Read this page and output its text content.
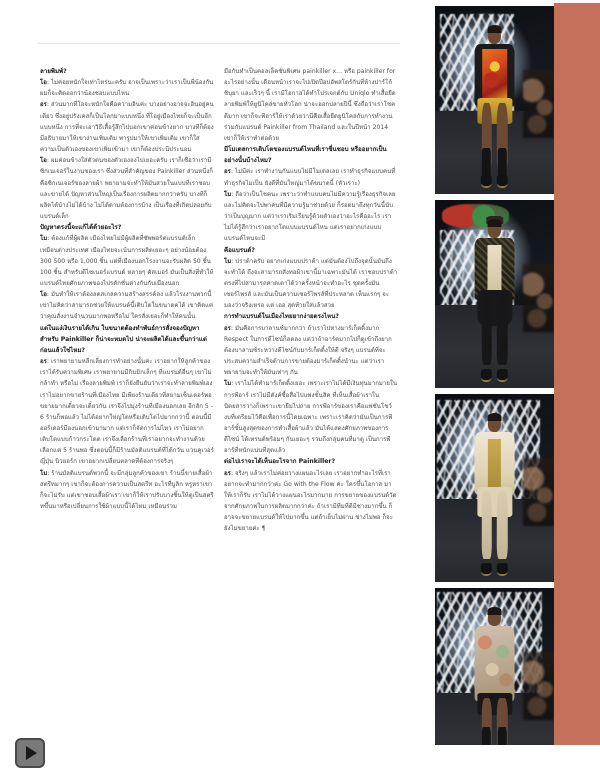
ลายพิมพ์?

โอ: ไม่ค่อยหนักใจเท่าไหร่นะครับ อาจเป็นเพราะว่าเราเป็นพี่น้องกัน ผมก็จะคิดออกว่าน้องชอบแบบไหน

อร: ส่วนมากที่โอจะหนักใจคือความอินค่ะ บางอย่างอาจจะอินอยู่คนเดียว ซึ่งอยู่ปรังเคสก็เป็นโลกมาแบบหนึ่ง ที่โอยู่เมืองไทยก็จะเป็นอีกแบบหนึ่ง การที่จะเอาวิธีเสื้อรู้สึกไปบอกเขาค่อนข้างยาก บางทีก็ต้องมีอธิบายมาให้เขาง่านเพิ่มเติม พารูปมาให้เขาเพิ่มเติม เขาก็ใส่ความเป็นตัวเองของเขาเพิ่มเข้ามา เขาก็ต้องประนีประนอม

โอ: ผมค่อนข้างใส่ตัวตนของตัวเองลงไปเยอะครับ เราก็เชื่อว่าเรามีซิกเนเจอร์ในงานของเรา ซึ่งส่วนที่สำคัญของ Painkiller ส่วนหนึ่งก็คือซิกเนเจอร์ของลายผ้า พยายามจะทำให้มันสวยในแบบที่เราชอบ และขายได้ ปัญหาส่วนใหญ่เป็นเรื่องการผลิตมากกว่าครับ บางทีก็ผลิตได้บ้างไม่ได้บ้าง ไม่ได้ตามต้องการบ้าง เป็นเรื่องที่เกิดปลอยกับแบรนด์เล็ก

ปัญหาตรงนี้จะแก้ได้ด้วยอะไร?

โม: ต้องแก้ที่ผู้ผลิต เมืองไทยไม่มีผู้ผลิตที่ซัพพอร์ตแบรนด์เล็ก เหมือนต่างประเทศ เมืองไทยจะเน้นการผลิตเยอะๆ อย่างน้อยต้อง 300 500 หรือ 1,000 ชิ้น แต่ที่เมืองนอกโรงงานจะรับผลิต 50 ชิ้น 100 ชิ้น สำหรับดีไซเนอร์แบรนด์ หลายๆ คัสเมอร์ มันเป็นสิ่งที่ทำให้แบรนด์ไทยศักยภาพของไปรดักชั่นต่างกันกับเมืองนอก

โอ: มันทำให้เราต้องลดสเกลความสร้างสรรค์ลง แล้วโรงงานพวกนี้เขาไม่คิดว่าสามารถช่วยให้แบรนด์นี้เติบโตในขนาดคได้ เขาคิดแค่ว่าคุณสั่งงานจำนวนมากพอหรือไม่ ใครสั่งเยอะก็ทำให้คนนั้น

แต่ในแง่เงินรายได้เกิน ในขนาดต้องทำพันธ์การสั่งจองปัญหาสำหรับ Painkiller ก็น่าจะหมดไป น่าจะผลิตได้และขึ้นกว่าแต่ก่อนแล้วใช่ไหม?

อร: เราพยายามหลีกเลี่ยงการทำอย่างนั้นค่ะ เราอยากให้ลูกค้าของเราได้รับความพิเศษ เราพยายามมีกิมมิกเล็กๆ ที่แบรนด์อื่นๆ เขาไม่กล้าทำ หรือไม่ เรื่องลายพิมพ์ เราก็ยังยืนยันว่าเราจะทำลายพิมพ์เอง เราไม่อยากขายร้านที่เมืองไทย มีเพียงร้านเดียวที่สยามเซ็นเตอร์พอ ขยายมากเดี๋ยวจะเดี๋ยวกัน เราจึงไปมุ่งร้านที่เมืองนอกเลย อีกสัก 5 - 6 ร้านก็พอแล้ว ไม่ได้อยากใหญ่โตหรือเติบโตไปมากกว่านี้ ตอนนี้มีออร์เดอร์มีองนอกเข้ามามาก แต่เราก็จัดการไม่ไหว เราไม่อยากเติบโตแบบก้าวกระโดด เราจึงเลือกร้านที่เราอยากจะทำงานด้วย เลือกแค่ 5 ร้านพอ ซึ่งตอนนี้ก็มีร้านมัลติแบรนด์ที่ได้กวัน แวนคูเวอร์ ญี่ปุ่น นิวยอร์ก เขาอยากเปลี่ยนตลาดที่ต้องการจริงๆ

โม: ร้านมัลติแบรนด์พวกนี้ จะมีกลุ่มลูกค้าของเขา ร้านนี้ขายเสื้อผ้าสตรีทมากๆ เขาก็จะต้องการความเป็นสตรีท อะไรที่บูลิก หรูหราเขาก็จะไม่รับ แต่เขาชอบเสื้อผ้าเรา เขาก็ให้เราปรับบางชิ้นให้ดูเป็นสตรีทขึ้นมาหรือเปลี่ยนการใช้ผ้าแบบนี้ได้ไหม เหมือนร่วม

มือกันทำเป็นคอลเล็คชั่นพิเศษ painkiller x... หรือ painkiller for อะไรอย่างนั้น เดือนหน้าเราจะไปเปิดป๊อปอัพสโตร์กันที่ห้างปาร์โก้ ชิบุยา และเร็วๆ นี้ เรามีโอกาสได้ทำโปรเจกต์กับ Uniqlo ทำเสื้อยืดลายพิมพ์ให้ยูนิโคล่ขายทั่วโลก น่าจะออกปลายปีนี้ ซึ่งถือว่าเราโชคดีมาก เขาก็จะพีอาร์ให้เราด้วยว่านี่คือเสื้อยืดยูนิโคล่กับการทำงานร่วมกับแบรนด์ Painkiller from Thailand และในปีหน้า 2014 เขาก็ให้เราทำต่อด้วย

มีโมเดลการเติบโตของแบรนด์ไหนที่เราชื่นชอบ หรืออยากเป็นอย่างนั้นบ้างไหม?

อร: ไม่มีค่ะ เราทำงานกันแบบไม่มีโมเดลเลย เราทำธุรกิจแบบคนที่ทำธุรกิจไม่เป็น ยังดีที่มันใหญ่มาได้ขนาดนี้ (หัวเราะ)

โม: ถือว่าเป็นโชคนะ เพราะว่าทำแบบคนไม่มีความรู้เรื่องธุรกิจเลย และไม่คิดจะไปพาคนที่มีความรู้มาช่วยด้วย ก็รอดมาถึงทุกวันนี้นับว่าเป็นบุญมาก แต่ว่าเราเริ่มเรียนรู้ด้วยตัวเองว่าอะไรคืออะไร เราไม่ได้รู้สึกว่าเราอยากโตแบบแบรนด์ไหน แต่เราอยากเก่งแบบแบรนด์ไหนจะมี

คือแบรนด์?

โม: ปราด้าครับ อยากเก่งแบบปราด้า แต่มันต้องไปถึงจุดนั้นมันถึงจะทำได้ ถึงจะสามารถสั่งทอผ้าเขานี้มาเฉพาะมันได้ เราชอบปราด้าตรงที่ไปสามารถคาดเดาได้ว่าครั้งหน้าจะทำอะไร ชุดครั้งมันเซอร์ไพรส์ และมันเป็นความเซอร์ไพรส์ที่ประหลาด เห็นแรกๆ จะมองว่าจริงเหรอ แต่ เออ สุดท้ายใส่แล้วสวย

การทำแบรนด์ในเมืองไทยยากง่ายตรงไหน?

อร: มันคือการบาลานซ์มากกว่า ถ้าเราไปทางมาร์เก็ตติ้งมาก Respect ในการดีไซน์ก็ลดลง แต่ว่าถ้าอาร์ตมากไปก็ดูเข้าถึงยาก ต้องบาลานซ์ระหว่างดีไซน์กับมาร์เก็ตติ้งให้ดี จริงๆ แบรนด์ที่จะประสบความสำเร็จด้านการขายต้องมาร์เก็ตติ้งนำนะ แต่ว่าเราพยายามจะทำให้มันเท่าๆ กัน

โม: เราไม่ได้ทำมาร์เก็ตติ้งเยอะ เพราะเราไม่ได้มีเงินทุนมากมายในการพีอาร์ เราไม่มีตังค์ซื้อสื่อไปแพ่งขั้นสิค ที่เห็นเสื้อผ้าเราในนิตยสารวางก็เพราะเขายืมไปถ่าย การพีอาร์ของเราคือแฟชั่นโชว์ งบที่เตรียมไว้คือเพื่อการนี้โดยเฉพาะ เพราะเราคิดว่ามันเป็นการพีอาร์ขั้นสูงสุดของการทำเสื้อผ้าแล้ว มันได้แสดงศักยภาพของการดีไซน์ ได้เทรนด์พร้อมๆ กันเยอะๆ รวมถึงกลุ่มคนที่มาดู เป็นการพีอาร์ที่หนักแน่นที่สุดแล้ว

ต่อไปเราจะได้เห็นอะไรจาก Painkiller?

อร: จริงๆ แล้วเราไม่ค่อยวางแผนอะไรเลย เราอยากทำอะไรที่เราอยากจะทำมากกว่าค่ะ Go with the Flow ค่ะ ใครขึ้นโอกาส มาให้เราก็รับ เราไม่ได้วางแผนอะไรมากมาย การขยายของแบรนด์วัดจากศักยภาพในการผลิตมากกว่าค่ะ ถ้าเรามีทีมที่ดีมีช่างมากขึ้น ก็อาจจะขยายแบรนด์ให้ไปมากขึ้น แต่ถ้าเย็บไม่ผ่าน ช่างไม่พอ ก็จะยังไม่ขยายค่ะ ¶
